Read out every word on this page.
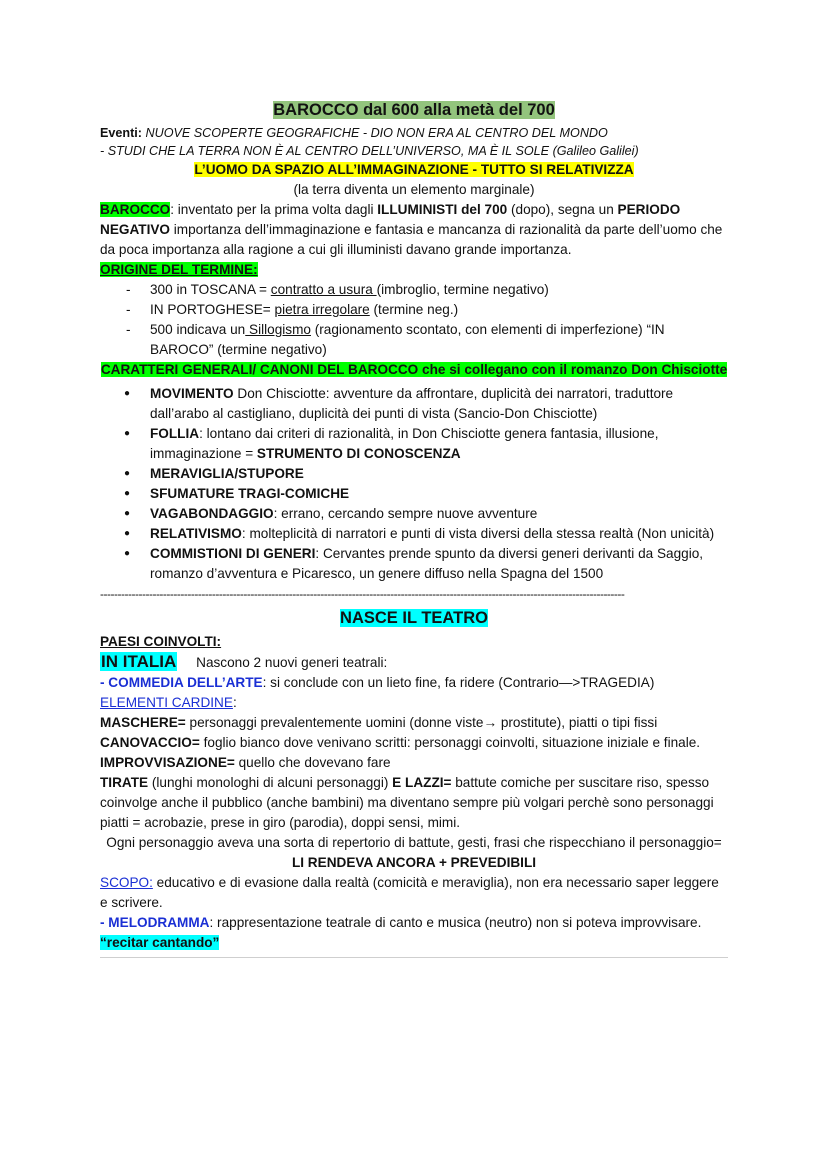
BAROCCO dal 600 alla metà del 700

Eventi: NUOVE SCOPERTE GEOGRAFICHE - DIO NON ERA AL CENTRO DEL MONDO

- STUDI CHE LA TERRA NON È AL CENTRO DELL’UNIVERSO, MA È IL SOLE (Galileo Galilei)

L’UOMO DA SPAZIO ALL’IMMAGINAZIONE - TUTTO SI RELATIVIZZA
(la terra diventa un elemento marginale)

BAROCCO: inventato per la prima volta dagli ILLUMINISTI del 700 (dopo), segna un PERIODO NEGATIVO importanza dell’immaginazione e fantasia e mancanza di razionalità da parte dell’uomo che da poca importanza alla ragione a cui gli illuministi davano grande importanza.

ORIGINE DEL TERMINE:

- 300 in TOSCANA = contratto a usura (imbroglio, termine negativo)
- IN PORTOGHESE= pietra irregolare (termine neg.)
- 500 indicava un Sillogismo (ragionamento scontato, con elementi di imperfezione) “IN BAROCO” (termine negativo)
CARATTERI GENERALI/ CANONI DEL BAROCCO che si collegano con il romanzo Don Chisciotte
● MOVIMENTO Don Chisciotte: avventure da affrontare, duplicità dei narratori, traduttore dall’arabo al castigliano, duplicità dei punti di vista (Sancio-Don Chisciotte)
● FOLLIA: lontano dai criteri di razionalità, in Don Chisciotte genera fantasia, illusione, immaginazione = STRUMENTO DI CONOSCENZA
● MERAVIGLIA/STUPORE
● SFUMATURE TRAGI-COMICHE
● VAGABONDAGGIO: errano, cercando sempre nuove avventure
● RELATIVISMO: molteplicità di narratori e punti di vista diversi della stessa realtà (Non unicità)
● COMMISTIONI DI GENERI: Cervantes prende spunto da diversi generi derivanti da Saggio, romanzo d’avventura e Picaresco, un genere diffuso nella Spagna del 1500
------------------------------------------------------------------------------------------------------------------------------------------------------
NASCE IL TEATRO

PAESI COINVOLTI:

IN ITALIA Nascono 2 nuovi generi teatrali:

- COMMEDIA DELL’ARTE: si conclude con un lieto fine, fa ridere (Contrario—>TRAGEDIA)

ELEMENTI CARDINE:

MASCHERE= personaggi prevalentemente uomini (donne viste→ prostitute), piatti o tipi fissi

CANOVACCIO= foglio bianco dove venivano scritti: personaggi coinvolti, situazione iniziale e finale.

IMPROVVISAZIONE= quello che dovevano fare

TIRATE (lunghi monologhi di alcuni personaggi) E LAZZI= battute comiche per suscitare riso, spesso coinvolge anche il pubblico (anche bambini) ma diventano sempre più volgari perchè sono personaggi piatti = acrobazie, prese in giro (parodia), doppi sensi, mimi.

Ogni personaggio aveva una sorta di repertorio di battute, gesti, frasi che rispecchiano il personaggio= LI RENDEVA ANCORA + PREVEDIBILI

SCOPO: educativo e di evasione dalla realtà (comicità e meraviglia), non era necessario saper leggere e scrivere.

- MELODRAMMA: rappresentazione teatrale di canto e musica (neutro) non si poteva improvvisare. “recitar cantando”
